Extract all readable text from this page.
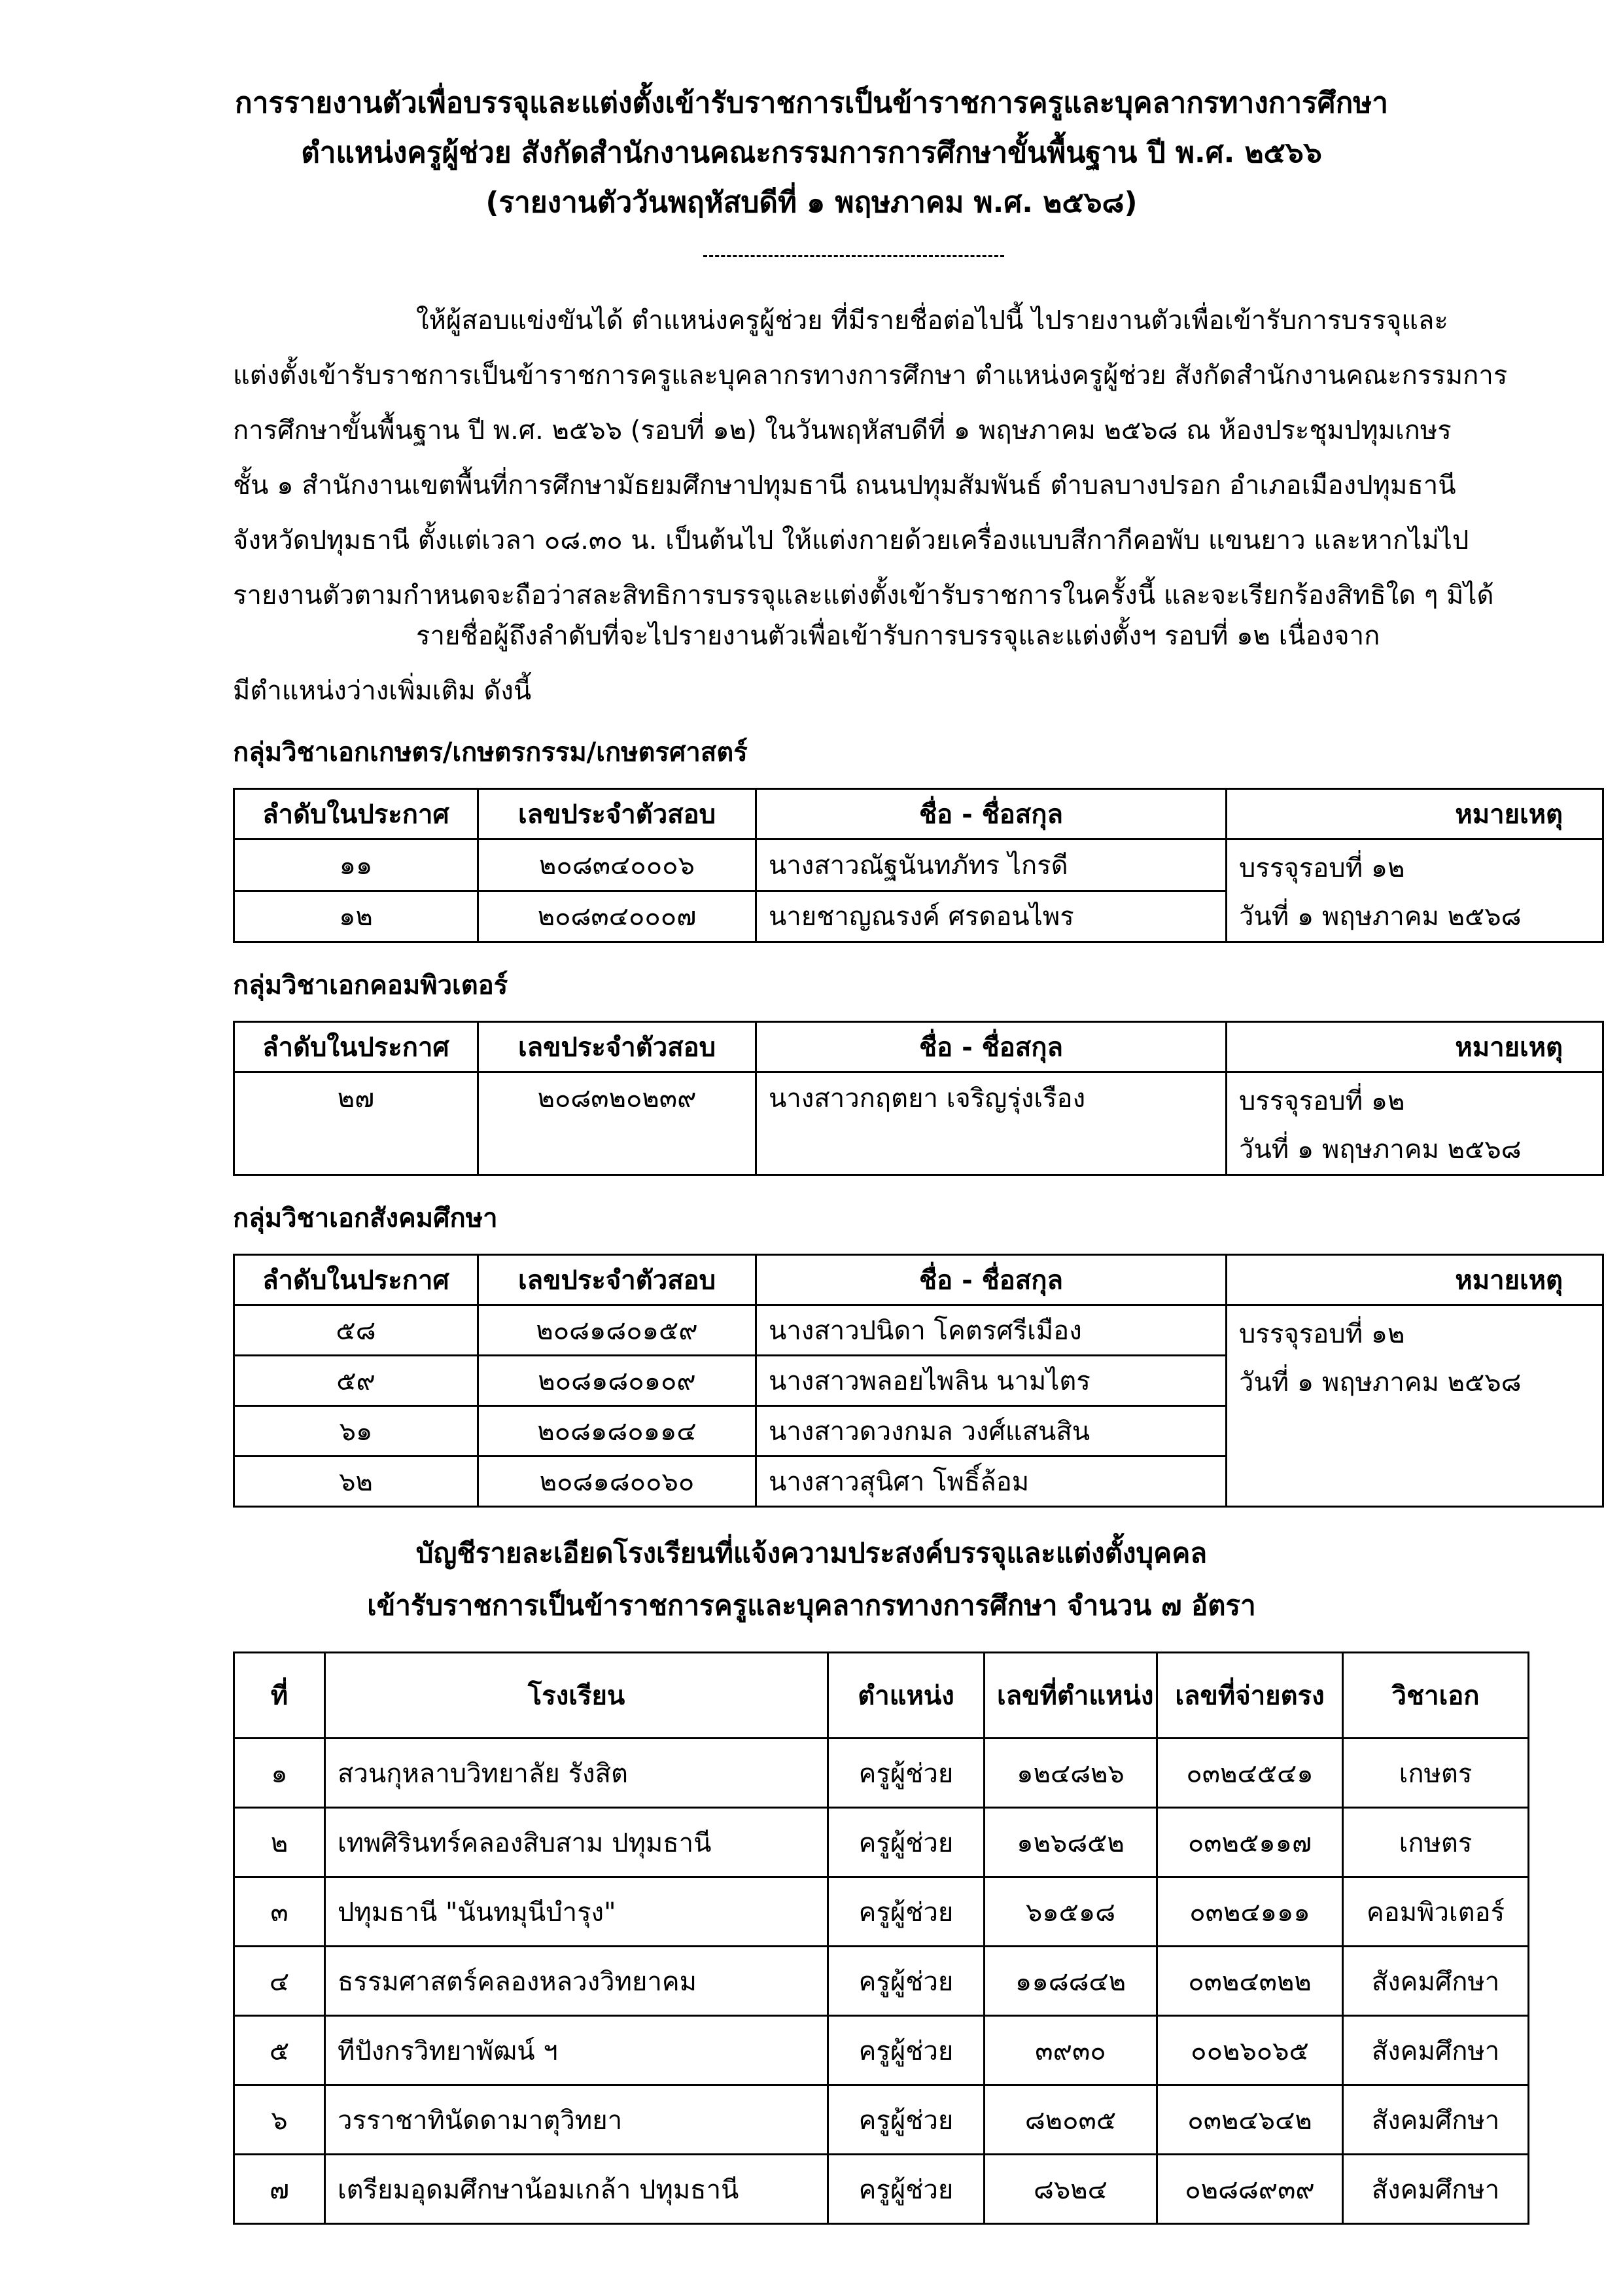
การรายงานตัวเพื่อบรรจุและแต่งตั้งเข้ารับราชการเป็นข้าราชการครูและบุคลากรทางการศึกษา
ตำแหน่งครูผู้ช่วย สังกัดสำนักงานคณะกรรมการการศึกษาขั้นพื้นฐาน ปี พ.ศ. ๒๕๖๖
(รายงานตัววันพฤหัสบดีที่ ๑ พฤษภาคม พ.ศ. ๒๕๖๘)
ให้ผู้สอบแข่งขันได้ ตำแหน่งครูผู้ช่วย ที่มีรายชื่อต่อไปนี้ ไปรายงานตัวเพื่อเข้ารับการบรรจุและ
แต่งตั้งเข้ารับราชการเป็นข้าราชการครูและบุคลากรทางการศึกษา ตำแหน่งครูผู้ช่วย สังกัดสำนักงานคณะกรรมการ
การศึกษาขั้นพื้นฐาน ปี พ.ศ. ๒๕๖๖ (รอบที่ ๑๒) ในวันพฤหัสบดีที่ ๑ พฤษภาคม ๒๕๖๘ ณ ห้องประชุมปทุมเกษร
ชั้น ๑ สำนักงานเขตพื้นที่การศึกษามัธยมศึกษาปทุมธานี ถนนปทุมสัมพันธ์ ตำบลบางปรอก อำเภอเมืองปทุมธานี
จังหวัดปทุมธานี ตั้งแต่เวลา ๐๘.๓๐ น. เป็นต้นไป ให้แต่งกายด้วยเครื่องแบบสีกากีคอพับ แขนยาว และหากไม่ไป
รายงานตัวตามกำหนดจะถือว่าสละสิทธิการบรรจุและแต่งตั้งเข้ารับราชการในครั้งนี้ และจะเรียกร้องสิทธิใด ๆ มิได้
รายชื่อผู้ถึงลำดับที่จะไปรายงานตัวเพื่อเข้ารับการบรรจุและแต่งตั้งฯ รอบที่ ๑๒ เนื่องจาก
มีตำแหน่งว่างเพิ่มเติม ดังนี้
กลุ่มวิชาเอกเกษตร/เกษตรกรรม/เกษตรศาสตร์
ลำดับในประกาศ	เลขประจำตัวสอบ	ชื่อ - ชื่อสกุล	หมายเหตุ
๑๑	๒๐๘๓๔๐๐๐๖	นางสาวณัฐนันทภัทร ไกรดี	บรรจุรอบที่ ๑๒
วันที่ ๑ พฤษภาคม ๒๕๖๘

๑๒	๒๐๘๓๔๐๐๐๗	นายชาญณรงค์ ศรดอนไพร	
กลุ่มวิชาเอกคอมพิวเตอร์
ลำดับในประกาศ	เลขประจำตัวสอบ	ชื่อ - ชื่อสกุล	หมายเหตุ
๒๗	๒๐๘๓๒๐๒๓๙	นางสาวกฤตยา เจริญรุ่งเรือง	บรรจุรอบที่ ๑๒
วันที่ ๑ พฤษภาคม ๒๕๖๘
กลุ่มวิชาเอกสังคมศึกษา
ลำดับในประกาศ	เลขประจำตัวสอบ	ชื่อ - ชื่อสกุล	หมายเหตุ
๕๘	๒๐๘๑๘๐๑๕๙	นางสาวปนิดา โคตรศรีเมือง	บรรจุรอบที่ ๑๒
วันที่ ๑ พฤษภาคม ๒๕๖๘

๕๙	๒๐๘๑๘๐๑๐๙	นางสาวพลอยไพลิน นามไตร	
๖๑	๒๐๘๑๘๐๑๑๔	นางสาวดวงกมล วงศ์แสนสิน	
๖๒	๒๐๘๑๘๐๐๖๐	นางสาวสุนิศา โพธิ์ล้อม	
บัญชีรายละเอียดโรงเรียนที่แจ้งความประสงค์บรรจุและแต่งตั้งบุคคล
เข้ารับราชการเป็นข้าราชการครูและบุคลากรทางการศึกษา จำนวน ๗ อัตรา
ที่	โรงเรียน	ตำแหน่ง	เลขที่ตำแหน่ง	เลขที่จ่ายตรง	วิชาเอก
๑	สวนกุหลาบวิทยาลัย รังสิต	ครูผู้ช่วย	๑๒๔๘๒๖	๐๓๒๔๕๔๑	เกษตร
๒	เทพศิรินทร์คลองสิบสาม ปทุมธานี	ครูผู้ช่วย	๑๒๖๘๕๒	๐๓๒๕๑๑๗	เกษตร
๓	ปทุมธานี "นันทมุนีบำรุง"	ครูผู้ช่วย	๖๑๕๑๘	๐๓๒๔๑๑๑	คอมพิวเตอร์
๔	ธรรมศาสตร์คลองหลวงวิทยาคม	ครูผู้ช่วย	๑๑๘๘๔๒	๐๓๒๔๓๒๒	สังคมศึกษา
๕	ทีปังกรวิทยาพัฒน์ ฯ	ครูผู้ช่วย	๓๙๓๐	๐๐๒๖๐๖๕	สังคมศึกษา
๖	วรราชาทินัดดามาตุวิทยา	ครูผู้ช่วย	๘๒๐๓๕	๐๓๒๔๖๔๒	สังคมศึกษา
๗	เตรียมอุดมศึกษาน้อมเกล้า ปทุมธานี	ครูผู้ช่วย	๘๖๒๔	๐๒๘๘๙๓๙	สังคมศึกษา
